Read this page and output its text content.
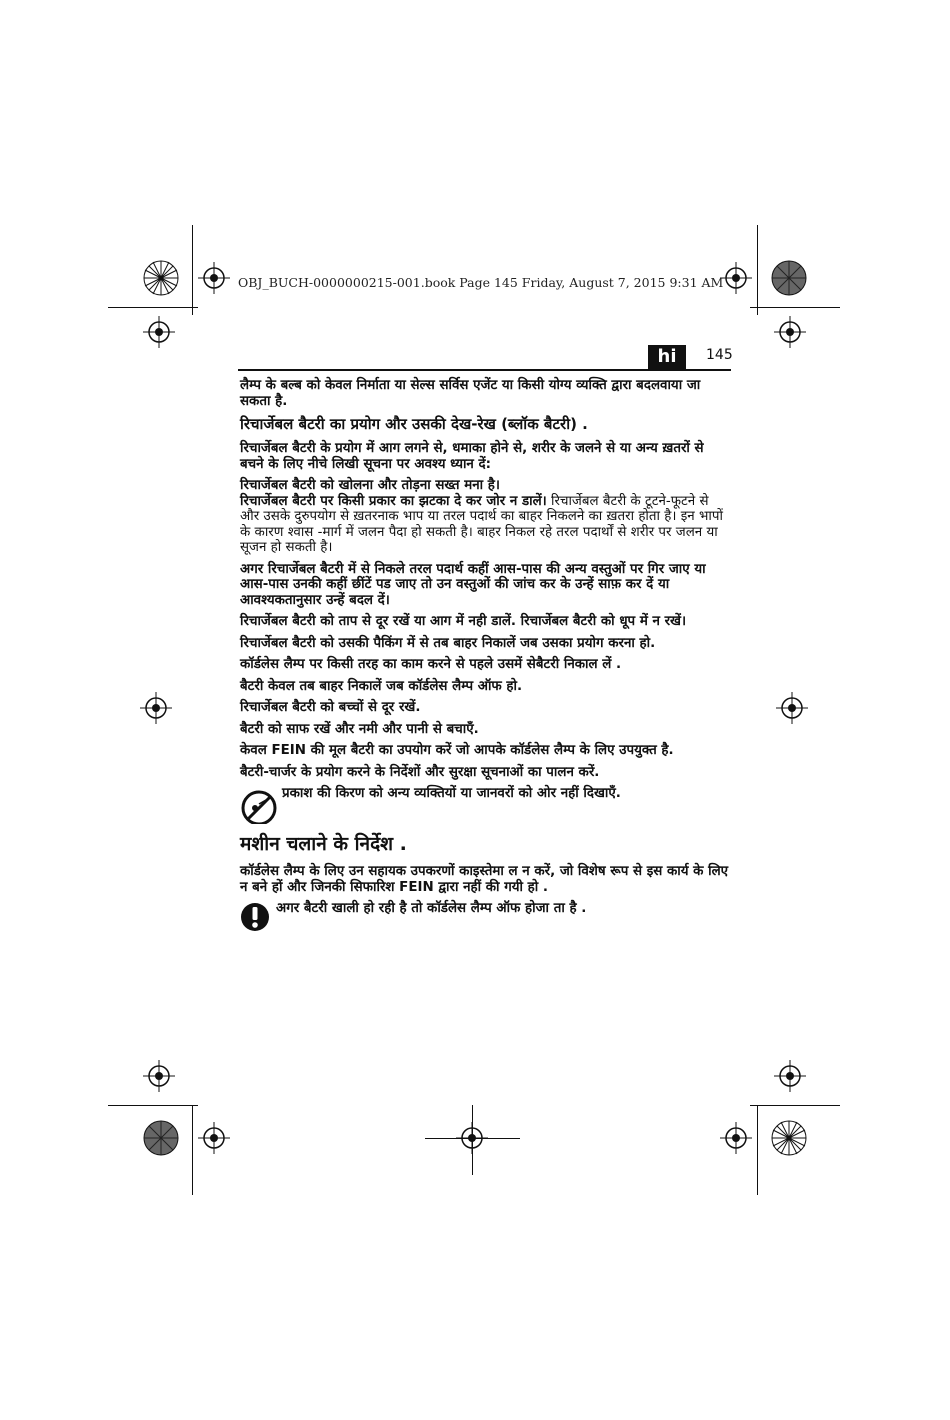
OBJ_BUCH-0000000215-001.book Page 145 Friday, August 7, 2015 9:31 AM
hi	145

लैम्प के बल्ब को केवल निर्माता या सेल्स सर्विस एजेंट या किसी योग्य व्यक्ति द्वारा बदलवाया जा सकता है.

रिचार्जेबल बैटरी का प्रयोग और उसकी देख-रेख (ब्लॉक बैटरी) .

रिचार्जेबल बैटरी के प्रयोग में आग लगने से, धमाका होने से, शरीर के जलने से या अन्य ख़तरों से बचने के लिए नीचे लिखी सूचना पर अवश्य ध्यान दें:

रिचार्जेबल बैटरी को खोलना और तोड़ना सख्त मना है।
रिचार्जेबल बैटरी पर किसी प्रकार का झटका दे कर जोर न डालें। रिचार्जेबल बैटरी के टूटने-फूटने से और उसके दुरुपयोग से ख़तरनाक भाप या तरल पदार्थ का बाहर निकलने का ख़तरा होता है। इन भापों के कारण श्वास -मार्ग में जलन पैदा हो सकती है। बाहर निकल रहे तरल पदार्थों से शरीर पर जलन या सूजन हो सकती है।

अगर रिचार्जेबल बैटरी में से निकले तरल पदार्थ कहीं आस-पास की अन्य वस्तुओं पर गिर जाए या आस-पास उनकी कहीं छींटें पड जाए तो उन वस्तुओं की जांच कर के उन्हें साफ़ कर दें या आवश्यकतानुसार उन्हें बदल दें।

रिचार्जेबल बैटरी को ताप से दूर रखें या आग में नही डालें. रिचार्जेबल बैटरी को धूप में न रखें।

रिचार्जेबल बैटरी को उसकी पैकिंग में से तब बाहर निकालें जब उसका प्रयोग करना हो.

कॉर्डलेस लैम्प पर किसी तरह का काम करने से पहले उसमें सेबैटरी निकाल लें .

बैटरी केवल तब बाहर निकालें जब कॉर्डलेस लैम्प ऑफ हो.

रिचार्जेबल बैटरी को बच्चों से दूर रखें.

बैटरी को साफ रखें और नमी और पानी से बचाएँ.

केवल FEIN की मूल बैटरी का उपयोग करें जो आपके कॉर्डलेस लैम्प के लिए उपयुक्त है.

बैटरी-चार्जर के प्रयोग करने के निर्देशों और सुरक्षा सूचनाओं का पालन करें.

प्रकाश की किरण को अन्य व्यक्तियों या जानवरों को ओर नहीं दिखाएँ.

मशीन चलाने के निर्देश .

कॉर्डलेस लैम्प के लिए उन सहायक उपकरणों काइस्तेमा ल न करें, जो विशेष रूप से इस कार्य के लिए न बने हों और जिनकी सिफारिश FEIN द्वारा नहीं की गयी हो .

अगर बैटरी खाली हो रही है तो कॉर्डलेस लैम्प ऑफ होजा ता है .
